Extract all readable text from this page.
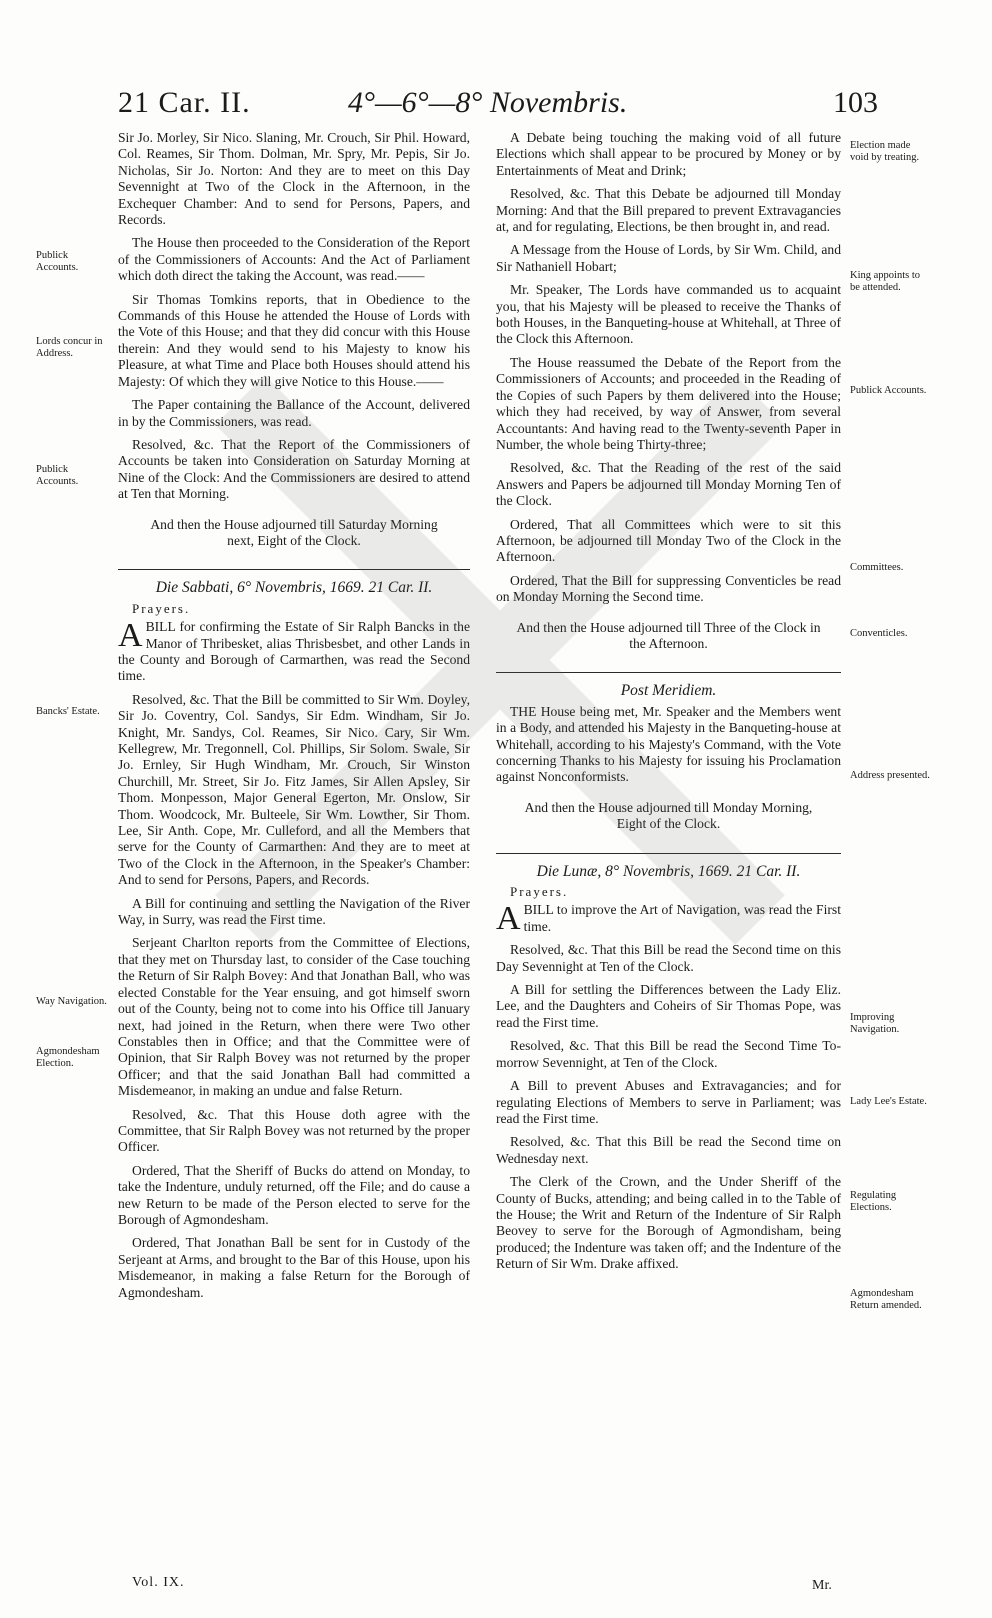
21 Car. II.	4°—6°—8° Novembris.	103
Publick Accounts.
Lords concur in Address.
Publick Accounts.
Bancks' Estate.
Way Navigation.
Agmondesham Election.
Election made void by treating.
King appoints to be attended.
Publick Accounts.
Committees.
Conventicles.
Address presented.
Improving Navigation.
Lady Lee's Estate.
Regulating Elections.
Agmondesham Return amended.

Sir Jo. Morley, Sir Nico. Slaning, Mr. Crouch, Sir Phil. Howard, Col. Reames, Sir Thom. Dolman, Mr. Spry, Mr. Pepis, Sir Jo. Nicholas, Sir Jo. Norton: And they are to meet on this Day Sevennight at Two of the Clock in the Afternoon, in the Exchequer Chamber: And to send for Persons, Papers, and Records.

The House then proceeded to the Consideration of the Report of the Commissioners of Accounts: And the Act of Parliament which doth direct the taking the Account, was read.——

Sir Thomas Tomkins reports, that in Obedience to the Commands of this House he attended the House of Lords with the Vote of this House; and that they did concur with this House therein: And they would send to his Majesty to know his Pleasure, at what Time and Place both Houses should attend his Majesty: Of which they will give Notice to this House.——

The Paper containing the Ballance of the Account, delivered in by the Commissioners, was read.

Resolved, &c. That the Report of the Commissioners of Accounts be taken into Consideration on Saturday Morning at Nine of the Clock: And the Commissioners are desired to attend at Ten that Morning.

And then the House adjourned till Saturday Morning next, Eight of the Clock.

Die Sabbati, 6° Novembris, 1669. 21 Car. II.
Prayers.

ABILL for confirming the Estate of Sir Ralph Bancks in the Manor of Thribesket, alias Thrisbesbet, and other Lands in the County and Borough of Carmarthen, was read the Second time.

Resolved, &c. That the Bill be committed to Sir Wm. Doyley, Sir Jo. Coventry, Col. Sandys, Sir Edm. Windham, Sir Jo. Knight, Mr. Sandys, Col. Reames, Sir Nico. Cary, Sir Wm. Kellegrew, Mr. Tregonnell, Col. Phillips, Sir Solom. Swale, Sir Jo. Ernley, Sir Hugh Windham, Mr. Crouch, Sir Winston Churchill, Mr. Street, Sir Jo. Fitz James, Sir Allen Apsley, Sir Thom. Monpesson, Major General Egerton, Mr. Onslow, Sir Thom. Woodcock, Mr. Bulteele, Sir Wm. Lowther, Sir Thom. Lee, Sir Anth. Cope, Mr. Culleford, and all the Members that serve for the County of Carmarthen: And they are to meet at Two of the Clock in the Afternoon, in the Speaker's Chamber: And to send for Persons, Papers, and Records.

A Bill for continuing and settling the Navigation of the River Way, in Surry, was read the First time.

Serjeant Charlton reports from the Committee of Elections, that they met on Thursday last, to consider of the Case touching the Return of Sir Ralph Bovey: And that Jonathan Ball, who was elected Constable for the Year ensuing, and got himself sworn out of the County, being not to come into his Office till January next, had joined in the Return, when there were Two other Constables then in Office; and that the Committee were of Opinion, that Sir Ralph Bovey was not returned by the proper Officer; and that the said Jonathan Ball had committed a Misdemeanor, in making an undue and false Return.

Resolved, &c. That this House doth agree with the Committee, that Sir Ralph Bovey was not returned by the proper Officer.

Ordered, That the Sheriff of Bucks do attend on Monday, to take the Indenture, unduly returned, off the File; and do cause a new Return to be made of the Person elected to serve for the Borough of Agmondesham.

Ordered, That Jonathan Ball be sent for in Custody of the Serjeant at Arms, and brought to the Bar of this House, upon his Misdemeanor, in making a false Return for the Borough of Agmondesham.

A Debate being touching the making void of all future Elections which shall appear to be procured by Money or by Entertainments of Meat and Drink;

Resolved, &c. That this Debate be adjourned till Monday Morning: And that the Bill prepared to prevent Extravagancies at, and for regulating, Elections, be then brought in, and read.

A Message from the House of Lords, by Sir Wm. Child, and Sir Nathaniell Hobart;

Mr. Speaker, The Lords have commanded us to acquaint you, that his Majesty will be pleased to receive the Thanks of both Houses, in the Banqueting-house at Whitehall, at Three of the Clock this Afternoon.

The House reassumed the Debate of the Report from the Commissioners of Accounts; and proceeded in the Reading of the Copies of such Papers by them delivered into the House; which they had received, by way of Answer, from several Accountants: And having read to the Twenty-seventh Paper in Number, the whole being Thirty-three;

Resolved, &c. That the Reading of the rest of the said Answers and Papers be adjourned till Monday Morning Ten of the Clock.

Ordered, That all Committees which were to sit this Afternoon, be adjourned till Monday Two of the Clock in the Afternoon.

Ordered, That the Bill for suppressing Conventicles be read on Monday Morning the Second time.

And then the House adjourned till Three of the Clock in the Afternoon.

Post Meridiem.

THE House being met, Mr. Speaker and the Members went in a Body, and attended his Majesty in the Banqueting-house at Whitehall, according to his Majesty's Command, with the Vote concerning Thanks to his Majesty for issuing his Proclamation against Nonconformists.

And then the House adjourned till Monday Morning, Eight of the Clock.

Die Lunæ, 8° Novembris, 1669. 21 Car. II.
Prayers.

ABILL to improve the Art of Navigation, was read the First time.

Resolved, &c. That this Bill be read the Second time on this Day Sevennight at Ten of the Clock.

A Bill for settling the Differences between the Lady Eliz. Lee, and the Daughters and Coheirs of Sir Thomas Pope, was read the First time.

Resolved, &c. That this Bill be read the Second Time To-morrow Sevennight, at Ten of the Clock.

A Bill to prevent Abuses and Extravagancies; and for regulating Elections of Members to serve in Parliament; was read the First time.

Resolved, &c. That this Bill be read the Second time on Wednesday next.

The Clerk of the Crown, and the Under Sheriff of the County of Bucks, attending; and being called in to the Table of the House; the Writ and Return of the Indenture of Sir Ralph Beovey to serve for the Borough of Agmondisham, being produced; the Indenture was taken off; and the Indenture of the Return of Sir Wm. Drake affixed.

Vol. IX.	Mr.
